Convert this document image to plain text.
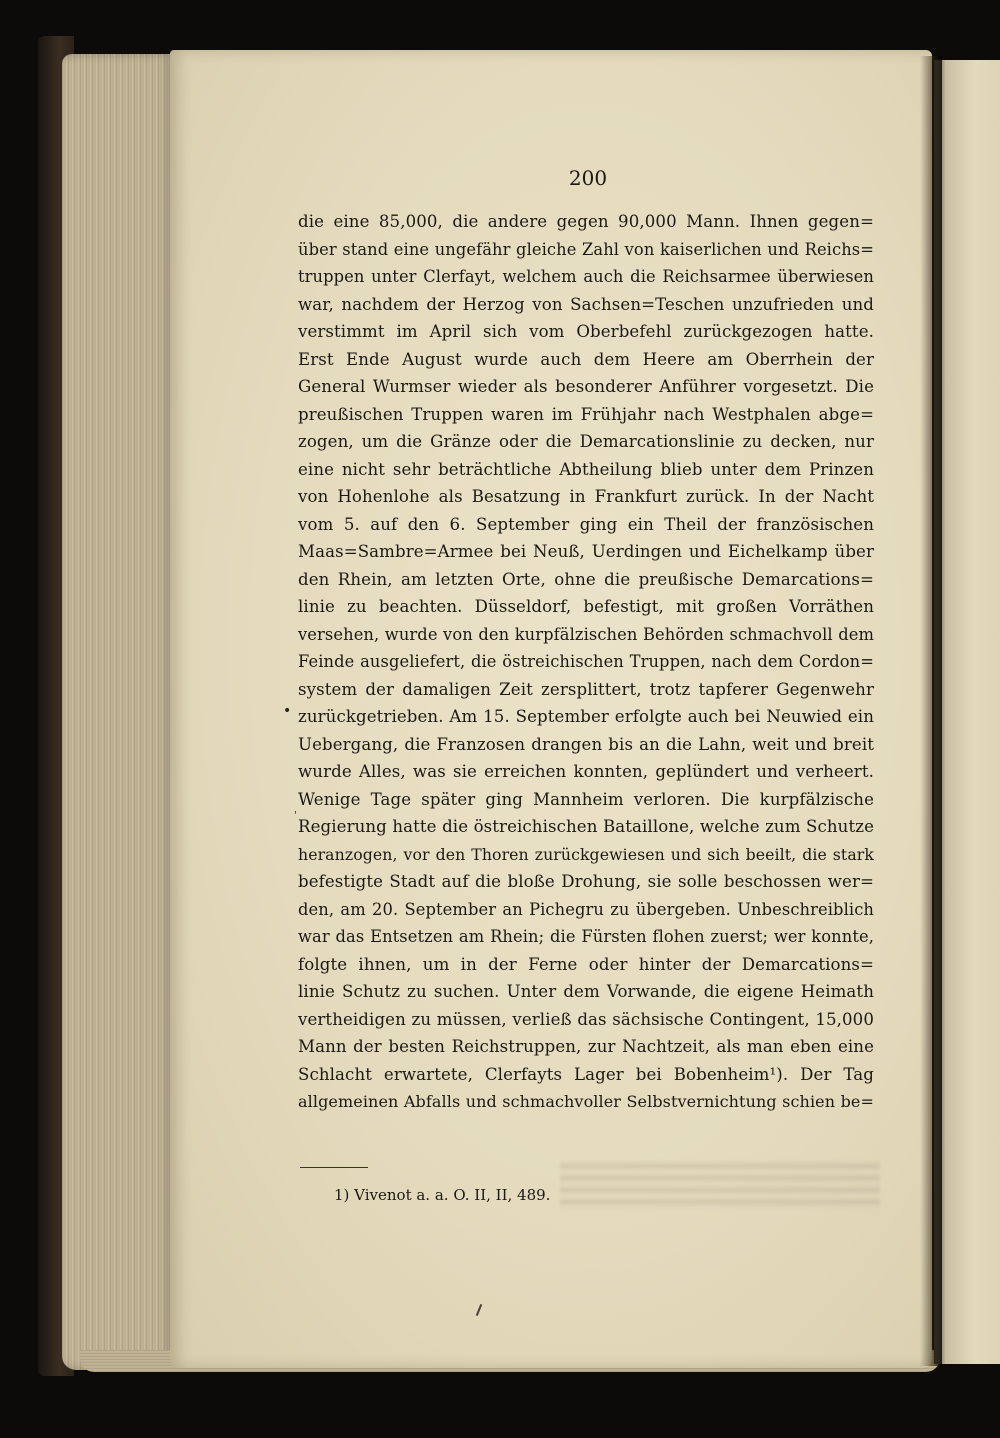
200
die eine 85,000, die andere gegen 90,000 Mann. Ihnen gegen=
über stand eine ungefähr gleiche Zahl von kaiserlichen und Reichs=
truppen unter Clerfayt, welchem auch die Reichsarmee überwiesen
war, nachdem der Herzog von Sachsen=Teschen unzufrieden und
verstimmt im April sich vom Oberbefehl zurückgezogen hatte.
Erst Ende August wurde auch dem Heere am Oberrhein der
General Wurmser wieder als besonderer Anführer vorgesetzt. Die
preußischen Truppen waren im Frühjahr nach Westphalen abge=
zogen, um die Gränze oder die Demarcationslinie zu decken, nur
eine nicht sehr beträchtliche Abtheilung blieb unter dem Prinzen
von Hohenlohe als Besatzung in Frankfurt zurück. In der Nacht
vom 5. auf den 6. September ging ein Theil der französischen
Maas=Sambre=Armee bei Neuß, Uerdingen und Eichelkamp über
den Rhein, am letzten Orte, ohne die preußische Demarcations=
linie zu beachten. Düsseldorf, befestigt, mit großen Vorräthen
versehen, wurde von den kurpfälzischen Behörden schmachvoll dem
Feinde ausgeliefert, die östreichischen Truppen, nach dem Cordon=
system der damaligen Zeit zersplittert, trotz tapferer Gegenwehr
zurückgetrieben. Am 15. September erfolgte auch bei Neuwied ein
Uebergang, die Franzosen drangen bis an die Lahn, weit und breit
wurde Alles, was sie erreichen konnten, geplündert und verheert.
Wenige Tage später ging Mannheim verloren. Die kurpfälzische
Regierung hatte die östreichischen Bataillone, welche zum Schutze
heranzogen, vor den Thoren zurückgewiesen und sich beeilt, die stark
befestigte Stadt auf die bloße Drohung, sie solle beschossen wer=
den, am 20. September an Pichegru zu übergeben. Unbeschreiblich
war das Entsetzen am Rhein; die Fürsten flohen zuerst; wer konnte,
folgte ihnen, um in der Ferne oder hinter der Demarcations=
linie Schutz zu suchen. Unter dem Vorwande, die eigene Heimath
vertheidigen zu müssen, verließ das sächsische Contingent, 15,000
Mann der besten Reichstruppen, zur Nachtzeit, als man eben eine
Schlacht erwartete, Clerfayts Lager bei Bobenheim¹). Der Tag
allgemeinen Abfalls und schmachvoller Selbstvernichtung schien be=
•
'
1) Vivenot a. a. O. II, II, 489.
